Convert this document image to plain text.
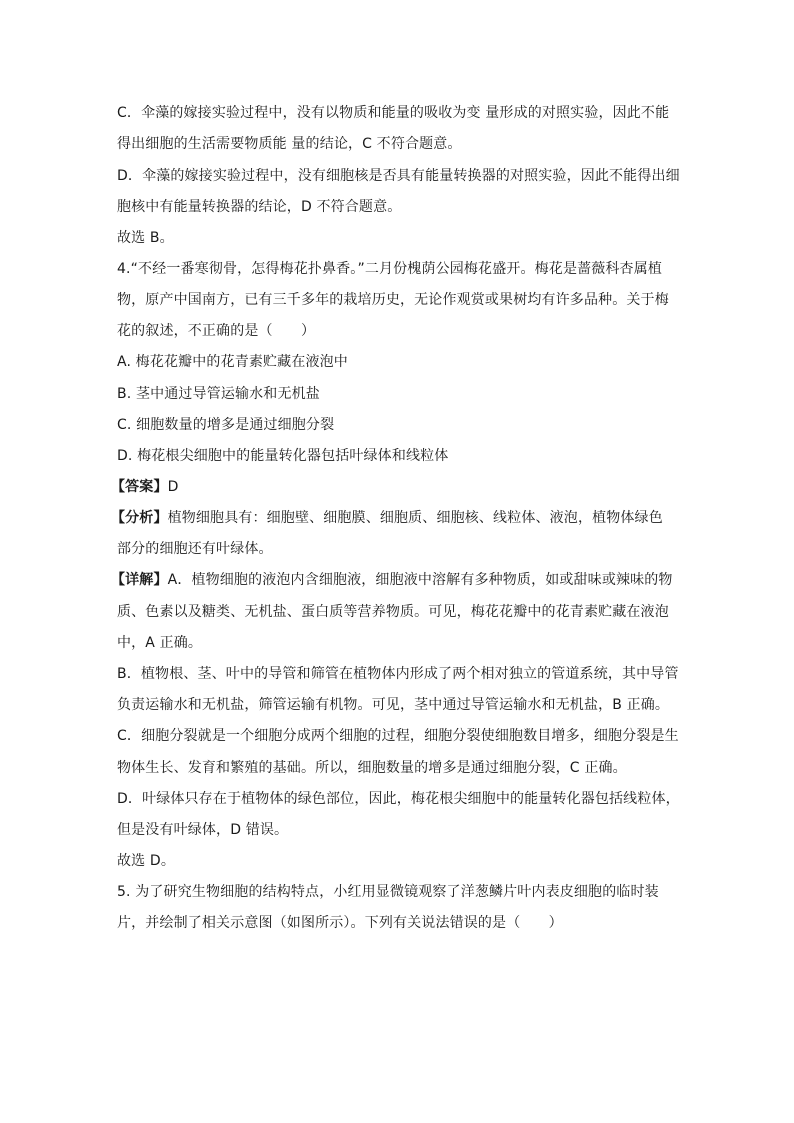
C．伞藻的嫁接实验过程中，没有以物质和能量的吸收为变 量形成的对照实验，因此不能
得出细胞的生活需要物质能 量的结论，C 不符合题意。
D．伞藻的嫁接实验过程中，没有细胞核是否具有能量转换器的对照实验，因此不能得出细
胞核中有能量转换器的结论，D 不符合题意。
故选 B。
4.“不经一番寒彻骨，怎得梅花扑鼻香。”二月份槐荫公园梅花盛开。梅花是蔷薇科杏属植
物，原产中国南方，已有三千多年的栽培历史，无论作观赏或果树均有许多品种。关于梅
花的叙述，不正确的是（　　）
A. 梅花花瓣中的花青素贮藏在液泡中
B. 茎中通过导管运输水和无机盐
C. 细胞数量的增多是通过细胞分裂
D. 梅花根尖细胞中的能量转化器包括叶绿体和线粒体
【答案】D
【分析】植物细胞具有：细胞壁、细胞膜、细胞质、细胞核、线粒体、液泡，植物体绿色
部分的细胞还有叶绿体。
【详解】A．植物细胞的液泡内含细胞液，细胞液中溶解有多种物质，如或甜味或辣味的物
质、色素以及糖类、无机盐、蛋白质等营养物质。可见，梅花花瓣中的花青素贮藏在液泡
中，A 正确。
B．植物根、茎、叶中的导管和筛管在植物体内形成了两个相对独立的管道系统，其中导管
负责运输水和无机盐，筛管运输有机物。可见，茎中通过导管运输水和无机盐，B 正确。
C．细胞分裂就是一个细胞分成两个细胞的过程，细胞分裂使细胞数目增多，细胞分裂是生
物体生长、发育和繁殖的基础。所以，细胞数量的增多是通过细胞分裂，C 正确。
D．叶绿体只存在于植物体的绿色部位，因此，梅花根尖细胞中的能量转化器包括线粒体，
但是没有叶绿体，D 错误。
故选 D。
5. 为了研究生物细胞的结构特点，小红用显微镜观察了洋葱鳞片叶内表皮细胞的临时装
片，并绘制了相关示意图（如图所示）。下列有关说法错误的是（　　）
